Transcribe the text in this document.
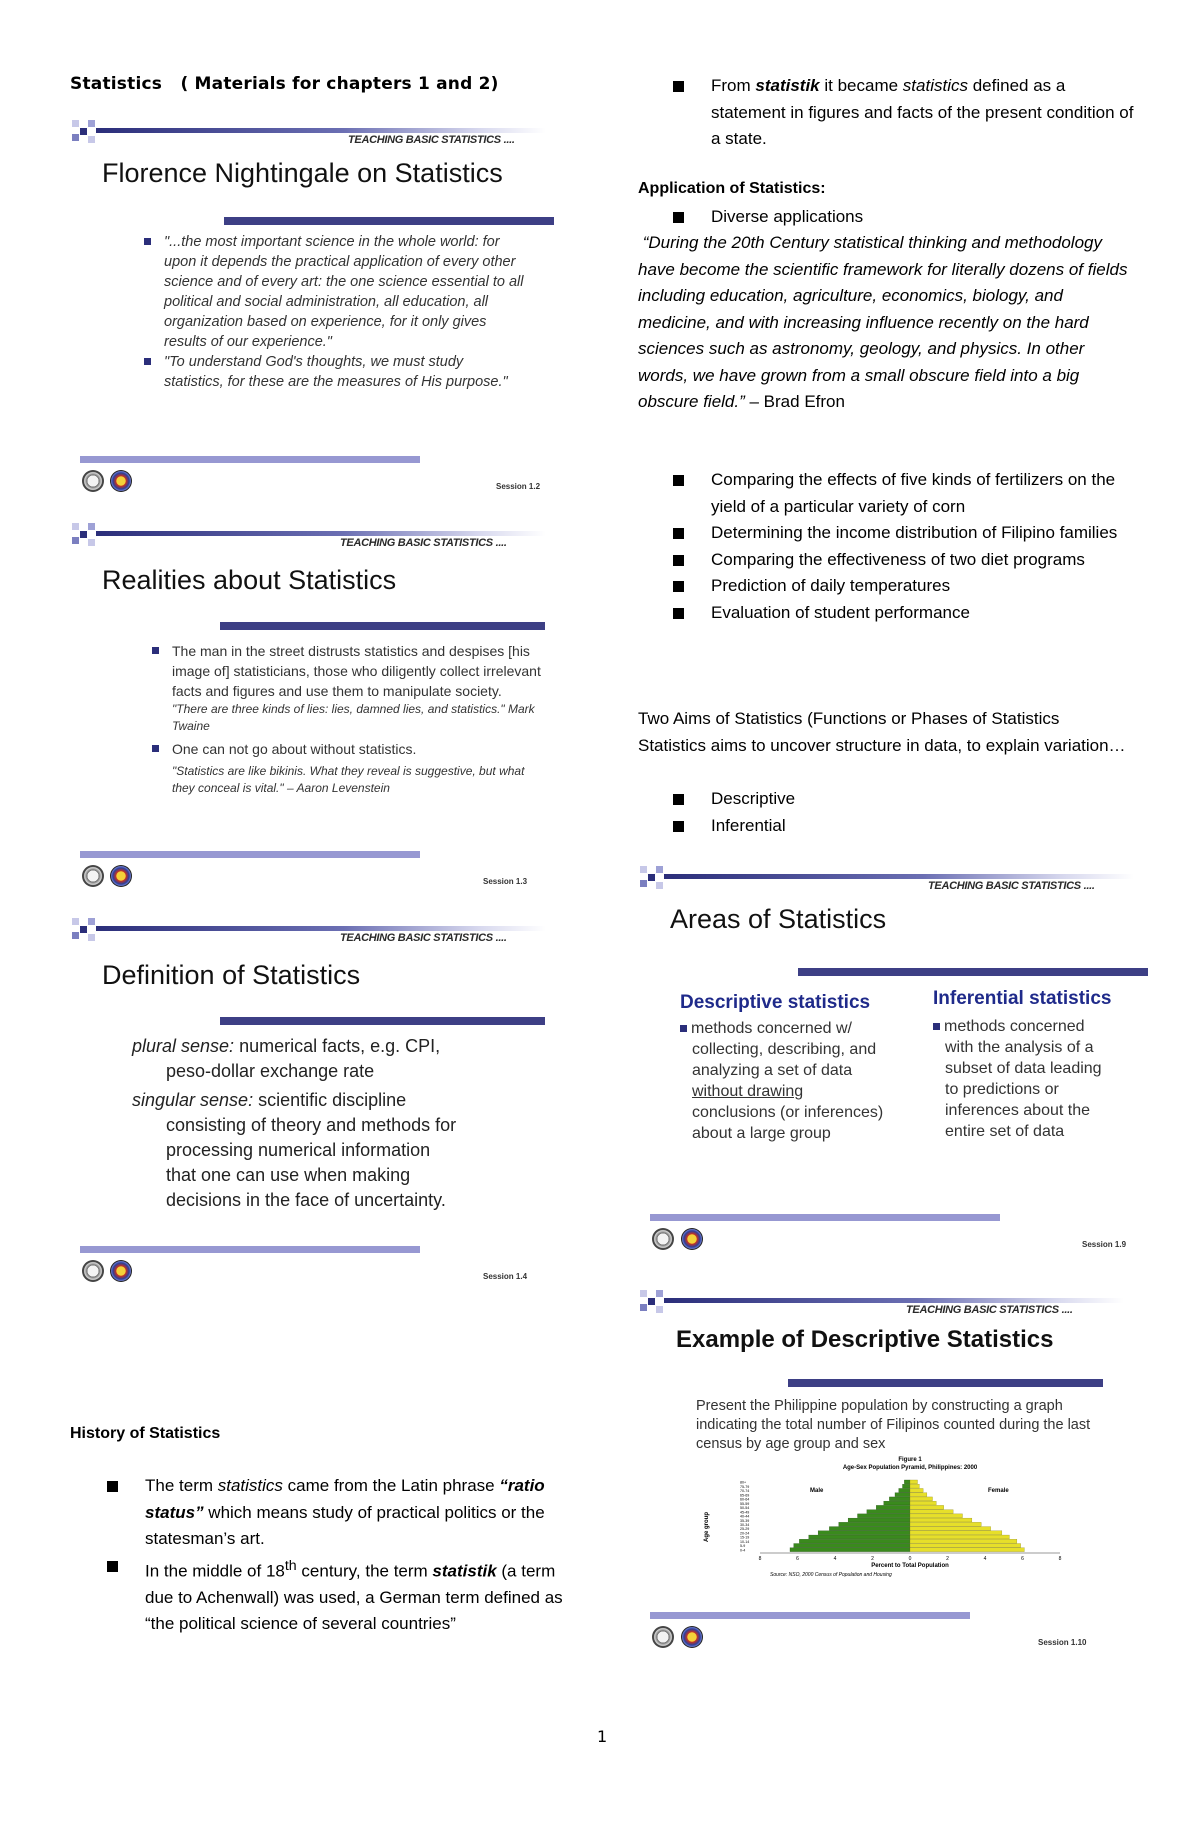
Statistics ( Materials for chapters 1 and 2)
TEACHING BASIC STATISTICS ....
Florence Nightingale on Statistics
"...the most important science in the whole world: for upon it depends the practical application of every other science and of every art: the one science essential to all political and social administration, all education, all organization based on experience, for it only gives results of our experience."
"To understand God's thoughts, we must study statistics, for these are the measures of His purpose."
Session 1.2
TEACHING BASIC STATISTICS ....
Realities about Statistics
The man in the street distrusts statistics and despises [his image of] statisticians, those who diligently collect irrelevant facts and figures and use them to manipulate society.
"There are three kinds of lies: lies, damned lies, and statistics." Mark Twaine
One can not go about without statistics.
"Statistics are like bikinis. What they reveal is suggestive, but what they conceal is vital." – Aaron Levenstein
Session 1.3
TEACHING BASIC STATISTICS ....
Definition of Statistics
plural sense: numerical facts, e.g. CPI,
peso-dollar exchange rate
singular sense: scientific discipline
consisting of theory and methods for
processing numerical information
that one can use when making
decisions in the face of uncertainty.
Session 1.4
History of Statistics
The term statistics came from the Latin phrase “ratio status” which means study of practical politics or the statesman’s art.
In the middle of 18th century, the term statistik (a term due to Achenwall) was used, a German term defined as “the political science of several countries”
From statistik it became statistics defined as a statement in figures and facts of the present condition of a state.
Application of Statistics:
Diverse applications
“During the 20th Century statistical thinking and methodology have become the scientific framework for literally dozens of fields including education, agriculture, economics, biology, and medicine, and with increasing influence recently on the hard sciences such as astronomy, geology, and physics. In other words, we have grown from a small obscure field into a big obscure field.” – Brad Efron
Comparing the effects of five kinds of fertilizers on the yield of a particular variety of corn
Determining the income distribution of Filipino families
Comparing the effectiveness of two diet programs
Prediction of daily temperatures
Evaluation of student performance
Two Aims of Statistics (Functions or Phases of Statistics
Statistics aims to uncover structure in data, to explain variation…
Descriptive
Inferential
TEACHING BASIC STATISTICS ....
Areas of Statistics
Descriptive statistics
methods concerned w/
collecting, describing, and
analyzing a set of data
without drawing
conclusions (or inferences)
about a large group
Inferential statistics
methods concerned
with the analysis of a
subset of data leading
to predictions or
inferences about the
entire set of data
Session 1.9
TEACHING BASIC STATISTICS ....
Example of Descriptive Statistics
Present the Philippine population by constructing a graph indicating the total number of Filipinos counted during the last census by age group and sex
Figure 1
Age-Sex Population Pyramid, Philippines: 2000
Age group
Male	Female
0-4
5-9
10-14
15-19
20-24
25-29
30-34
35-39
40-44
45-49
50-54
55-59
60-64
65-69
70-74
75-79
80+
8	6	4	2	0	2	4	6	8
Percent to Total Population
Source: NSO, 2000 Census of Population and Housing
Session 1.10
1
